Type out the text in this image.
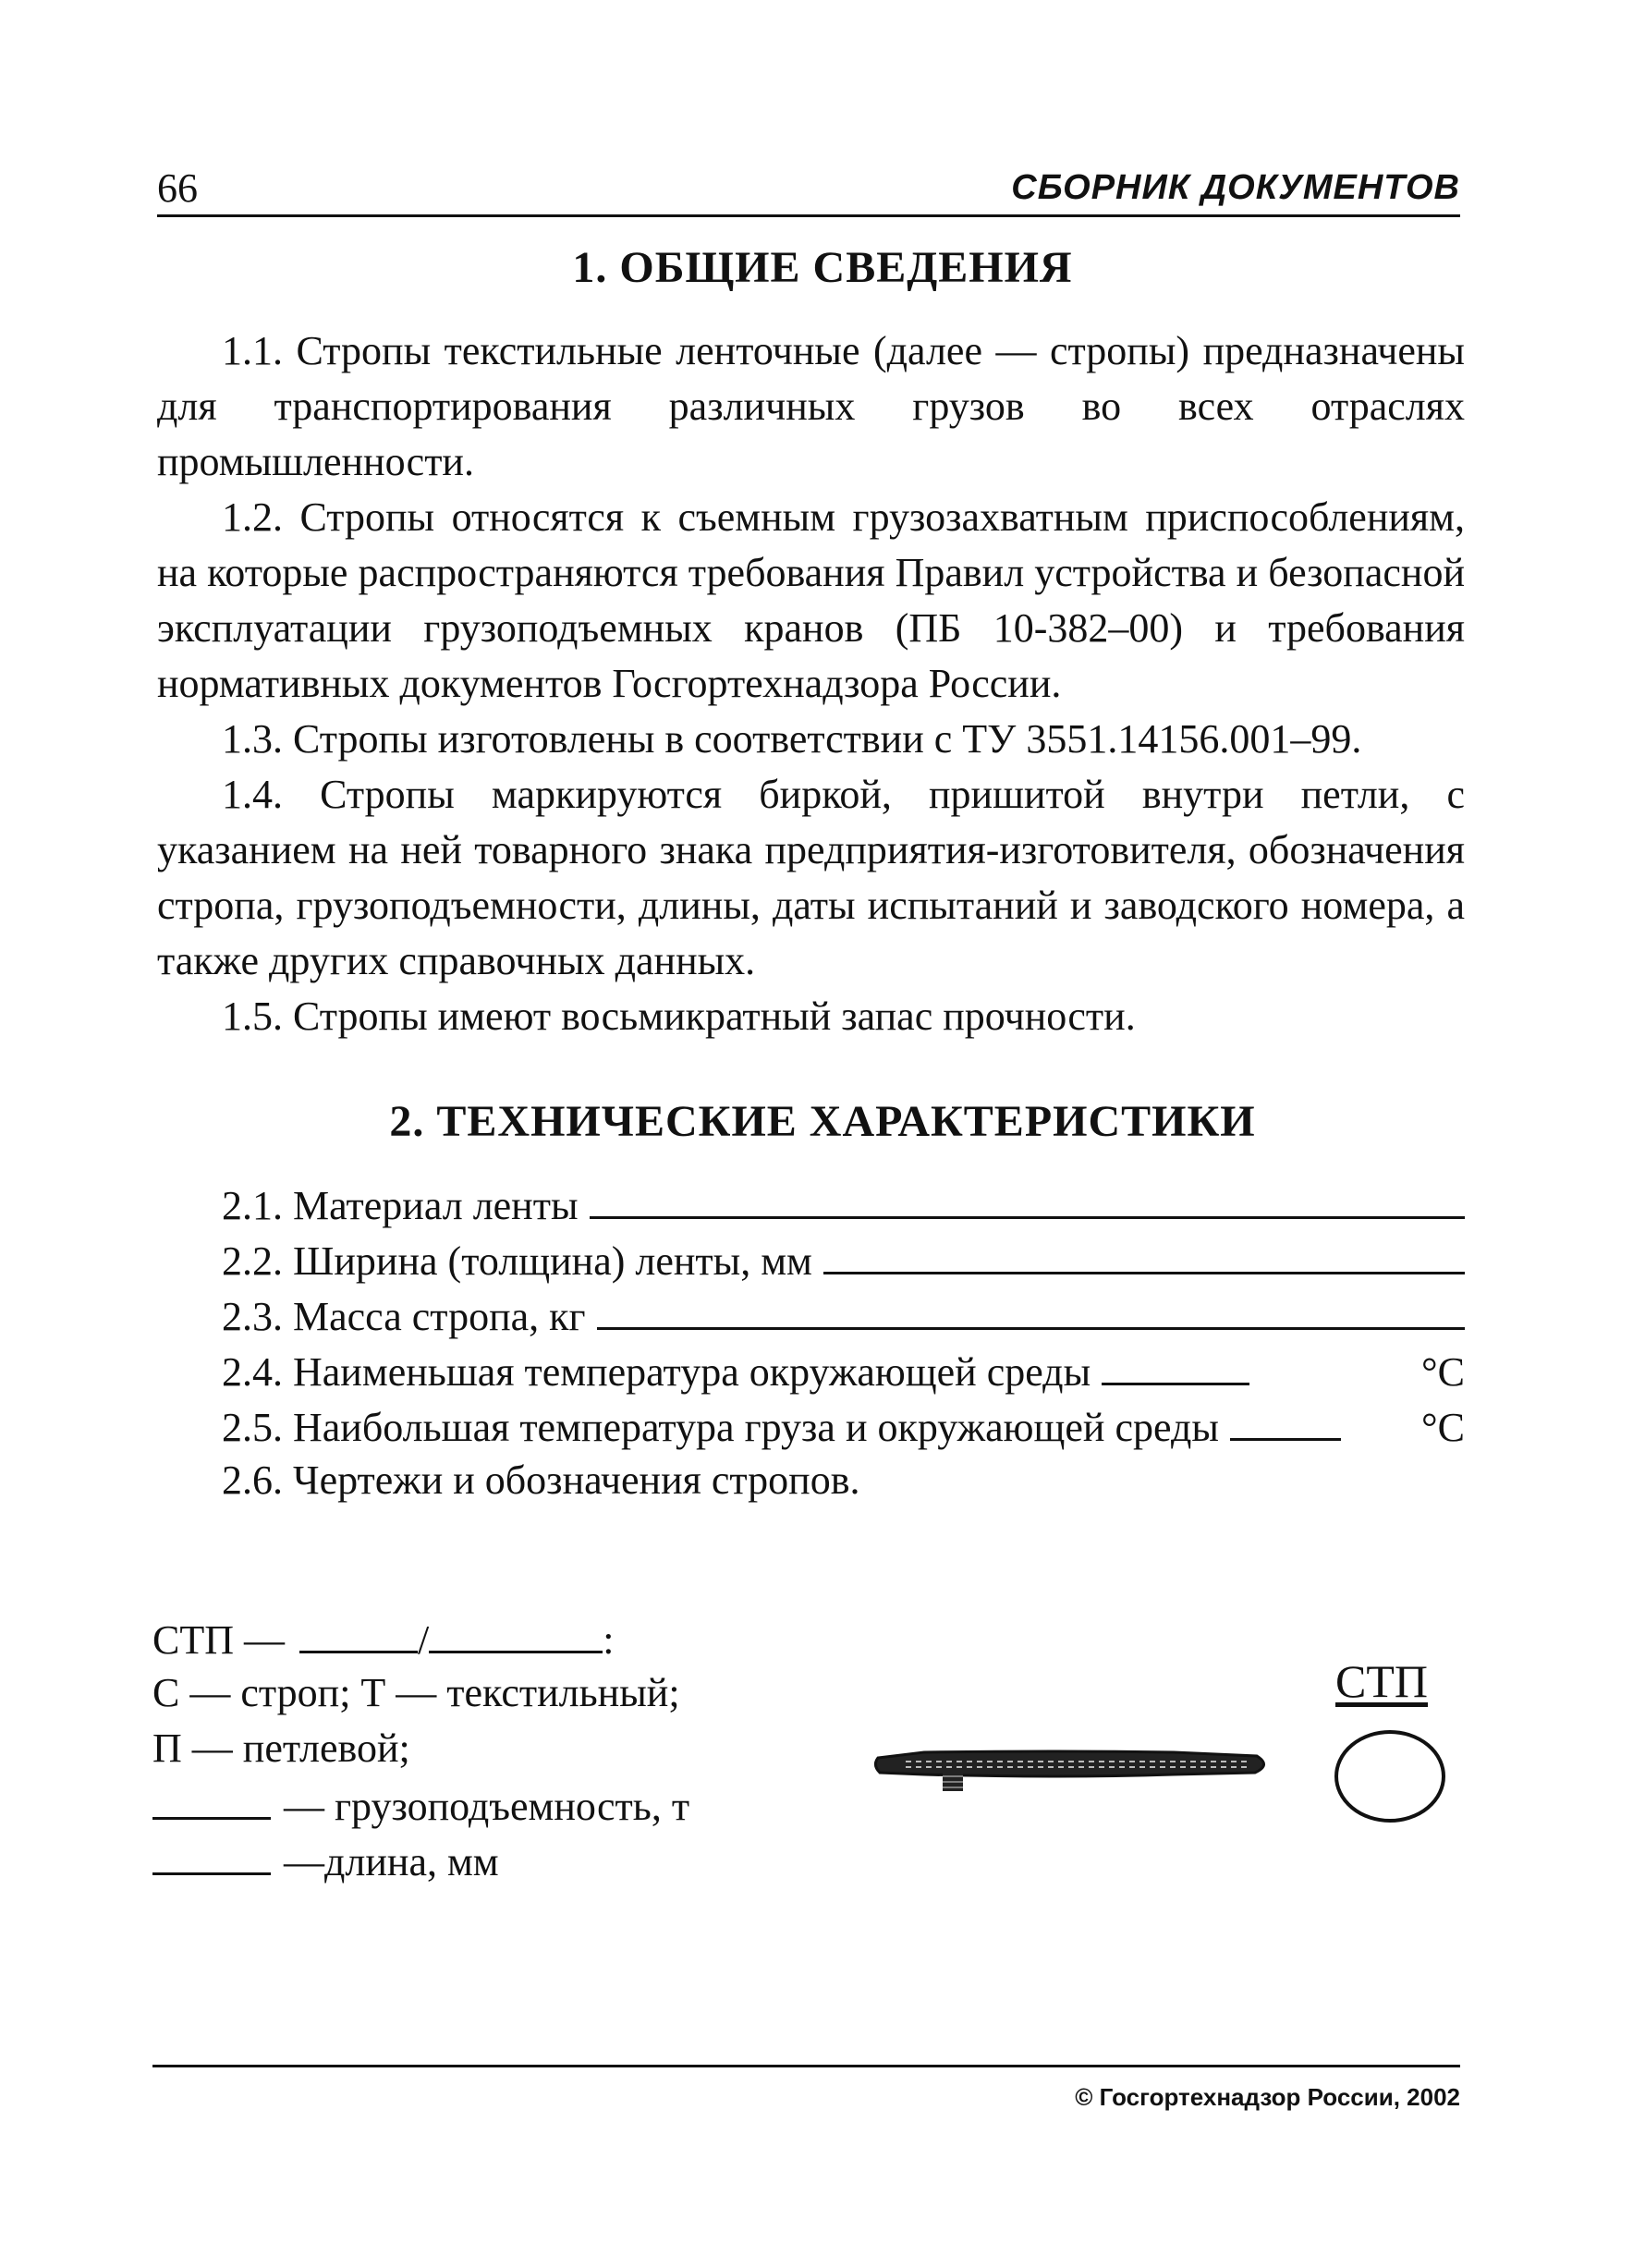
66	СБОРНИК ДОКУМЕНТОВ
1. ОБЩИЕ СВЕДЕНИЯ

1.1. Стропы текстильные ленточные (далее — стропы) предназначены для транспортирования различных грузов во всех отраслях промышленности.

1.2. Стропы относятся к съемным грузозахватным приспособлениям, на которые распространяются требования Правил устройства и безопасной эксплуатации грузоподъемных кранов (ПБ 10-382–00) и требования нормативных документов Госгортехнадзора России.

1.3. Стропы изготовлены в соответствии с ТУ 3551.14156.001–99.

1.4. Стропы маркируются биркой, пришитой внутри петли, с указанием на ней товарного знака предприятия-изготовителя, обозначения стропа, грузоподъемности, длины, даты испытаний и заводского номера, а также других справочных данных.

1.5. Стропы имеют восьмикратный запас прочности.

2. ТЕХНИЧЕСКИЕ ХАРАКТЕРИСТИКИ
2.1. Материал ленты
2.2. Ширина (толщина) ленты, мм
2.3. Масса стропа, кг
2.4. Наименьшая температура окружающей среды	°С
2.5. Наибольшая температура груза и окружающей среды	°С
2.6. Чертежи и обозначения стропов.
СТП —	/	:
С — строп; Т — текстильный;
П — петлевой;
— грузоподъемность, т
—длина, мм
СТП
© Госгортехнадзор России, 2002
